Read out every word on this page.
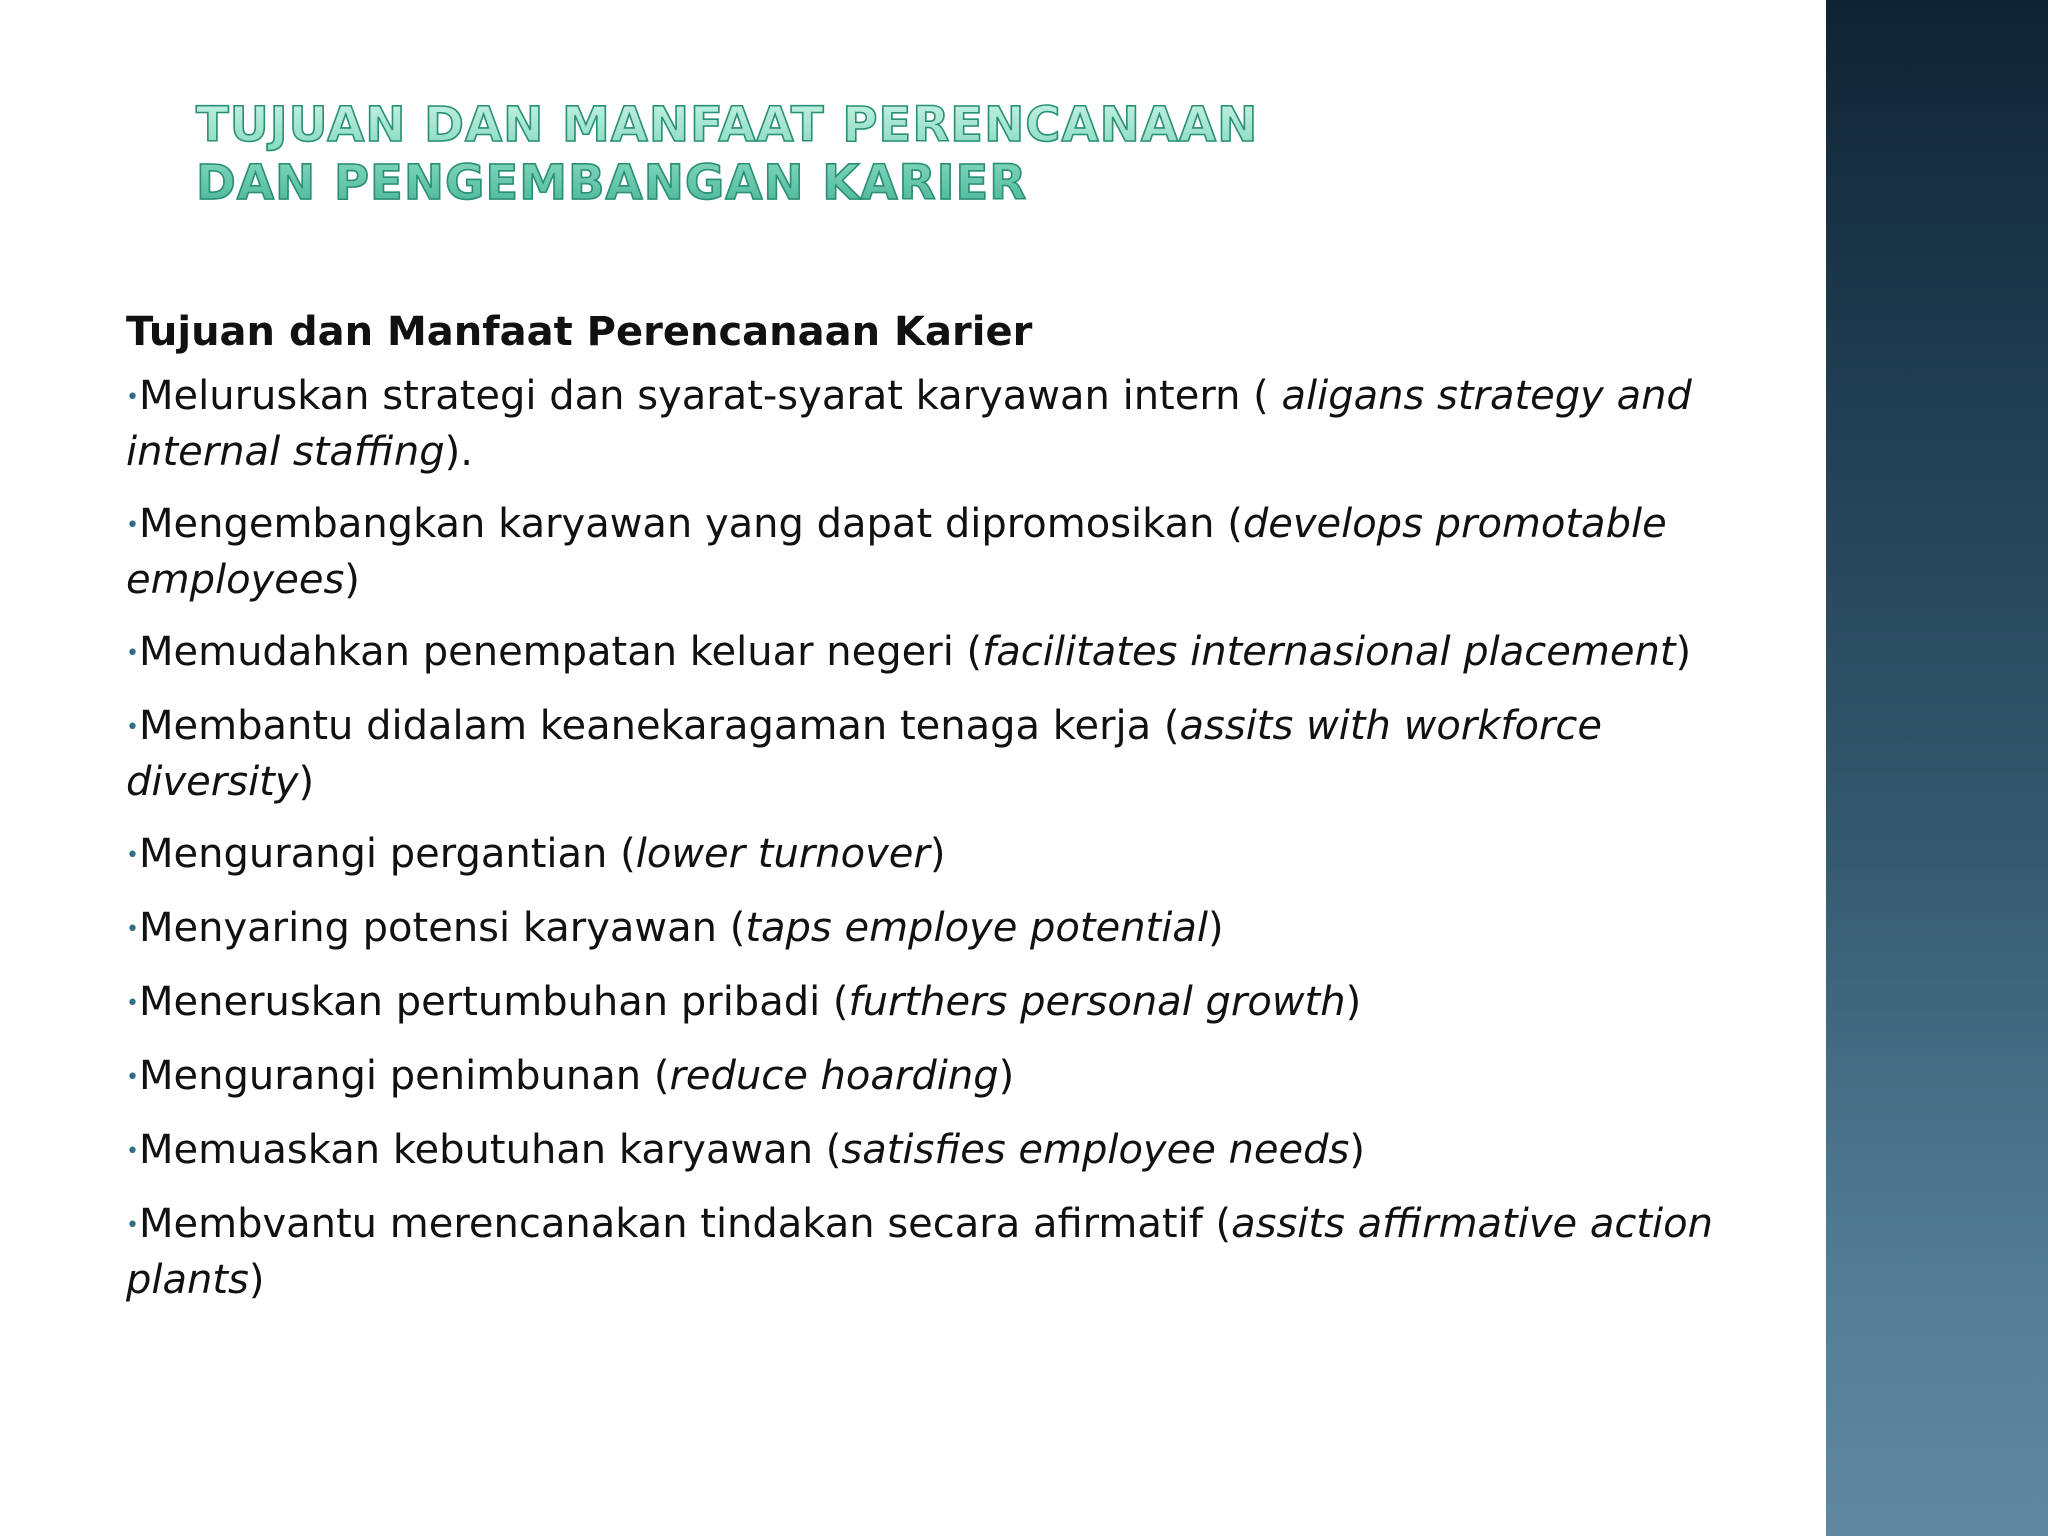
TUJUAN DAN MANFAAT PERENCANAAN DAN PENGEMBANGAN KARIER
Tujuan dan Manfaat Perencanaan Karier
•Meluruskan strategi dan syarat-syarat karyawan intern ( aligans strategy and internal staffing).
•Mengembangkan karyawan yang dapat dipromosikan (develops promotable employees)
•Memudahkan penempatan keluar negeri (facilitates internasional placement)
•Membantu didalam keanekaragaman tenaga kerja (assits with workforce diversity)
•Mengurangi pergantian (lower turnover)
•Menyaring potensi karyawan (taps employe potential)
•Meneruskan pertumbuhan pribadi (furthers personal growth)
•Mengurangi penimbunan (reduce hoarding)
•Memuaskan kebutuhan karyawan (satisfies employee needs)
•Membvantu merencanakan tindakan secara afirmatif (assits affirmative action plants)
